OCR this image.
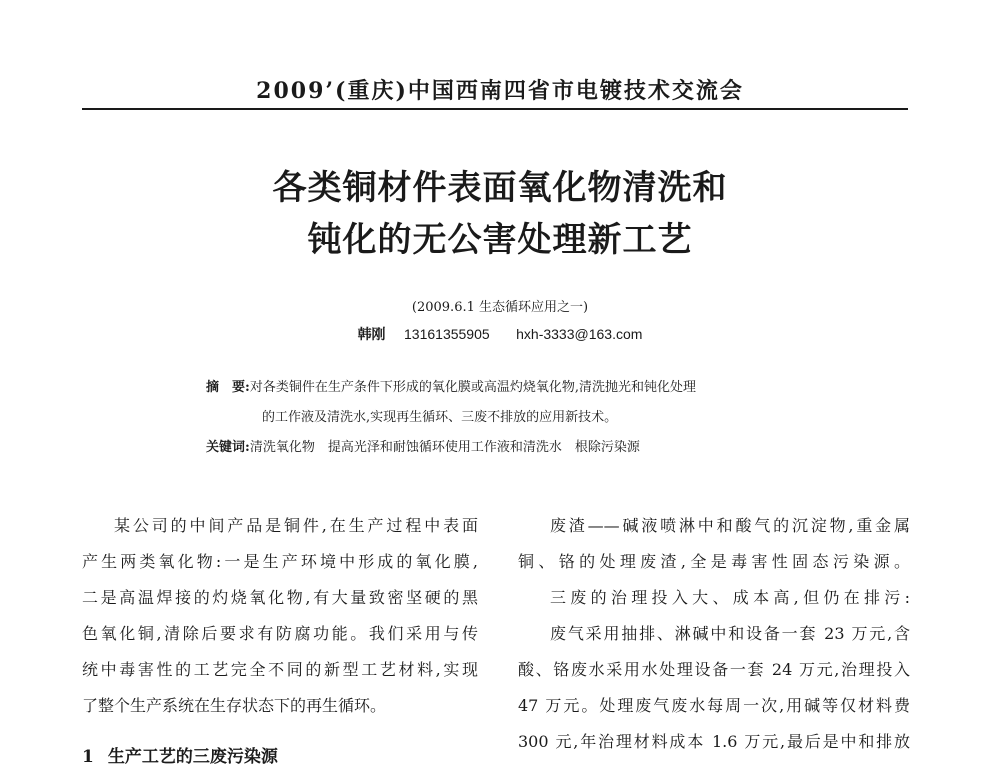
2009’(重庆)中国西南四省市电镀技术交流会
各类铜材件表面氧化物清洗和
钝化的无公害处理新工艺
(2009.6.1 生态循环应用之一)
韩刚 13161355905 hxh-3333@163.com
摘　要:对各类铜件在生产条件下形成的氧化膜或高温灼烧氧化物,清洗抛光和钝化处理
的工作液及清洗水,实现再生循环、三废不排放的应用新技术。
关键词:清洗氧化物　提高光泽和耐蚀循环使用工作液和清洗水　根除污染源

某公司的中间产品是铜件,在生产过程中表面

产生两类氧化物:一是生产环境中形成的氧化膜,

二是高温焊接的灼烧氧化物,有大量致密坚硬的黑

色氧化铜,清除后要求有防腐功能。我们采用与传

统中毒害性的工艺完全不同的新型工艺材料,实现

了整个生产系统在生存状态下的再生循环。

1 生产工艺的三废污染源

废渣——碱液喷淋中和酸气的沉淀物,重金属

铜、铬的处理废渣,全是毒害性固态污染源。

三废的治理投入大、成本高,但仍在排污:

废气采用抽排、淋碱中和设备一套 23 万元,含

酸、铬废水采用水处理设备一套 24 万元,治理投入

47 万元。处理废气废水每周一次,用碱等仅材料费

300 元,年治理材料成本 1.6 万元,最后是中和排放
